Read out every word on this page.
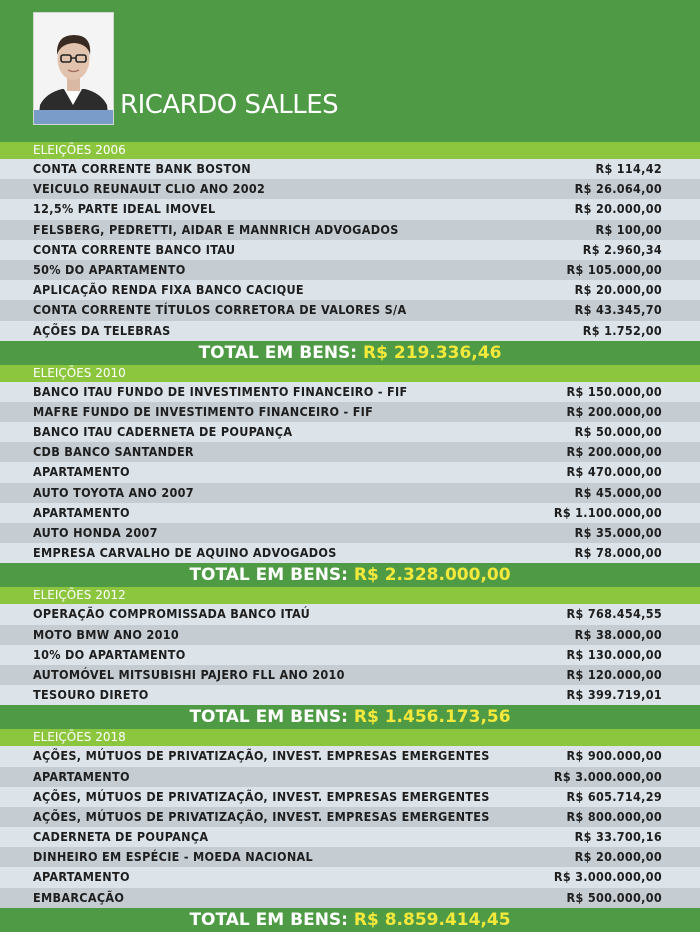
RICARDO SALLES
ELEIÇÕES 2006
CONTA CORRENTE BANK BOSTON	R$ 114,42
VEICULO REUNAULT CLIO ANO 2002	R$ 26.064,00
12,5% PARTE IDEAL IMOVEL	R$ 20.000,00
FELSBERG, PEDRETTI, AIDAR E MANNRICH ADVOGADOS	R$ 100,00
CONTA CORRENTE BANCO ITAU	R$ 2.960,34
50% DO APARTAMENTO	R$ 105.000,00
APLICAÇÃO RENDA FIXA BANCO CACIQUE	R$ 20.000,00
CONTA CORRENTE TÍTULOS CORRETORA DE VALORES S/A	R$ 43.345,70
AÇÕES DA TELEBRAS	R$ 1.752,00
TOTAL EM BENS: R$ 219.336,46
ELEIÇÕES 2010
BANCO ITAU FUNDO DE INVESTIMENTO FINANCEIRO - FIF	R$ 150.000,00
MAFRE FUNDO DE INVESTIMENTO FINANCEIRO - FIF	R$ 200.000,00
BANCO ITAU CADERNETA DE POUPANÇA	R$ 50.000,00
CDB BANCO SANTANDER	R$ 200.000,00
APARTAMENTO	R$ 470.000,00
AUTO TOYOTA ANO 2007	R$ 45.000,00
APARTAMENTO	R$ 1.100.000,00
AUTO HONDA 2007	R$ 35.000,00
EMPRESA CARVALHO DE AQUINO ADVOGADOS	R$ 78.000,00
TOTAL EM BENS: R$ 2.328.000,00
ELEIÇÕES 2012
OPERAÇÃO COMPROMISSADA BANCO ITAÚ	R$ 768.454,55
MOTO BMW ANO 2010	R$ 38.000,00
10% DO APARTAMENTO	R$ 130.000,00
AUTOMÓVEL MITSUBISHI PAJERO FLL ANO 2010	R$ 120.000,00
TESOURO DIRETO	R$ 399.719,01
TOTAL EM BENS: R$ 1.456.173,56
ELEIÇÕES 2018
AÇÕES, MÚTUOS DE PRIVATIZAÇÃO, INVEST. EMPRESAS EMERGENTES	R$ 900.000,00
APARTAMENTO	R$ 3.000.000,00
AÇÕES, MÚTUOS DE PRIVATIZAÇÃO, INVEST. EMPRESAS EMERGENTES	R$ 605.714,29
AÇÕES, MÚTUOS DE PRIVATIZAÇÃO, INVEST. EMPRESAS EMERGENTES	R$ 800.000,00
CADERNETA DE POUPANÇA	R$ 33.700,16
DINHEIRO EM ESPÉCIE - MOEDA NACIONAL	R$ 20.000,00
APARTAMENTO	R$ 3.000.000,00
EMBARCAÇÃO	R$ 500.000,00
TOTAL EM BENS: R$ 8.859.414,45
